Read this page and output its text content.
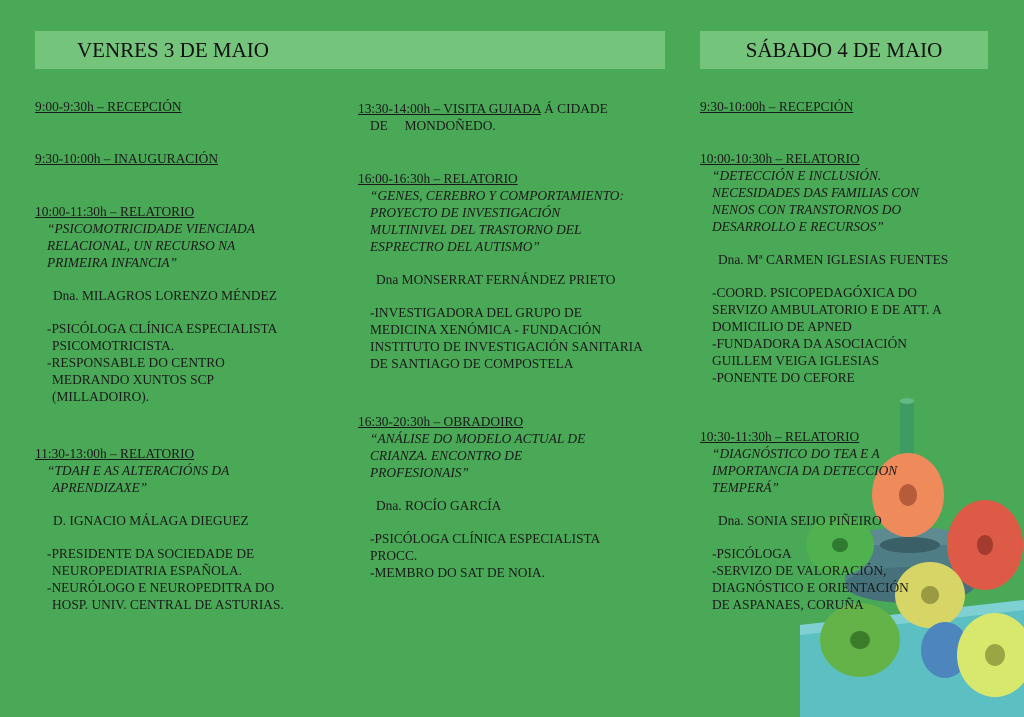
VENRES 3 DE MAIO	SÁBADO 4 DE MAIO
9:00-9:30h – RECEPCIÓN
9:30-10:00h – INAUGURACIÓN
10:00-11:30h – RELATORIO
“PSICOMOTRICIDADE VIENCIADA
RELACIONAL, UN RECURSO NA
PRIMEIRA INFANCIA”
Dna. MILAGROS LORENZO MÉNDEZ
-PSICÓLOGA CLÍNICA ESPECIALISTA
PSICOMOTRICISTA.
-RESPONSABLE DO CENTRO
MEDRANDO XUNTOS SCP
(MILLADOIRO).
11:30-13:00h – RELATORIO
“TDAH E AS ALTERACIÓNS DA
APRENDIZAXE”
D. IGNACIO MÁLAGA DIEGUEZ
-PRESIDENTE DA SOCIEDADE DE
NEUROPEDIATRIA ESPAÑOLA.
-NEURÓLOGO E NEUROPEDITRA DO
HOSP. UNIV. CENTRAL DE ASTURIAS.
13:30-14:00h – VISITA GUIADA Á CIDADE
DE     MONDOÑEDO.
16:00-16:30h – RELATORIO
“GENES, CEREBRO Y COMPORTAMIENTO:
PROYECTO DE INVESTIGACIÓN
MULTINIVEL DEL TRASTORNO DEL
ESPRECTRO DEL AUTISMO”
Dna MONSERRAT FERNÁNDEZ PRIETO
-INVESTIGADORA DEL GRUPO DE
MEDICINA XENÓMICA - FUNDACIÓN
INSTITUTO DE INVESTIGACIÓN SANITARIA
DE SANTIAGO DE COMPOSTELA
16:30-20:30h – OBRADOIRO
“ANÁLISE DO MODELO ACTUAL DE
CRIANZA. ENCONTRO DE
PROFESIONAIS”
Dna. ROCÍO GARCÍA
-PSICÓLOGA CLÍNICA ESPECIALISTA
PROCC.
-MEMBRO DO SAT DE NOIA.
9:30-10:00h – RECEPCIÓN
10:00-10:30h – RELATORIO
“DETECCIÓN E INCLUSIÓN.
NECESIDADES DAS FAMILIAS CON
NENOS CON TRANSTORNOS DO
DESARROLLO E RECURSOS”
Dna. Mª CARMEN IGLESIAS FUENTES
-COORD. PSICOPEDAGÓXICA DO
SERVIZO AMBULATORIO E DE ATT. A
DOMICILIO DE APNED
-FUNDADORA DA ASOCIACIÓN
GUILLEM VEIGA IGLESIAS
-PONENTE DO CEFORE
10:30-11:30h – RELATORIO
“DIAGNÓSTICO DO TEA E A
IMPORTANCIA DA DETECCION
TEMPERÁ”
Dna. SONIA SEIJO PIÑEIRO
-PSICÓLOGA
-SERVIZO DE VALORACIÓN,
DIAGNÓSTICO E ORIENTACIÓN
DE ASPANAES, CORUÑA
